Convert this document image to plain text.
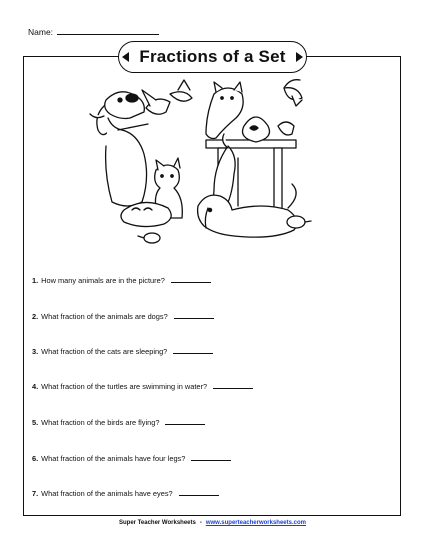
Name:
Fractions of a Set
1. How many animals are in the picture?
2. What fraction of the animals are dogs?
3. What fraction of the cats are sleeping?
4. What fraction of the turtles are swimming in water?
5. What fraction of the birds are flying?
6. What fraction of the animals have four legs?
7. What fraction of the animals have eyes?
Super Teacher Worksheets - www.superteacherworksheets.com
